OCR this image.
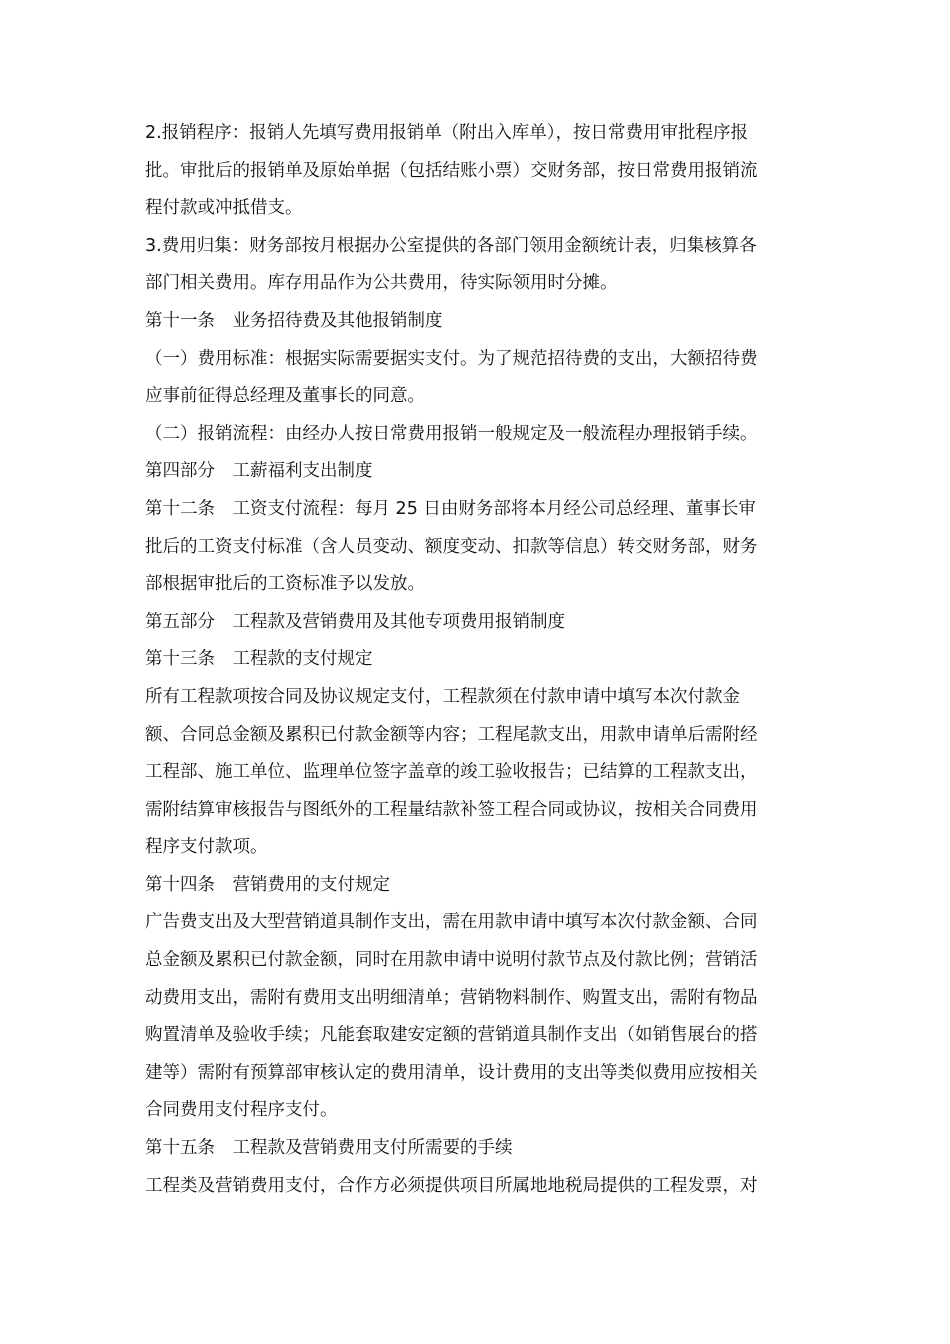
2.报销程序：报销人先填写费用报销单（附出入库单），按日常费用审批程序报
批。审批后的报销单及原始单据（包括结账小票）交财务部，按日常费用报销流
程付款或冲抵借支。
3.费用归集：财务部按月根据办公室提供的各部门领用金额统计表，归集核算各
部门相关费用。库存用品作为公共费用，待实际领用时分摊。
第十一条　业务招待费及其他报销制度
（一）费用标准：根据实际需要据实支付。为了规范招待费的支出，大额招待费
应事前征得总经理及董事长的同意。
（二）报销流程：由经办人按日常费用报销一般规定及一般流程办理报销手续。
第四部分　工薪福利支出制度
第十二条　工资支付流程：每月 25 日由财务部将本月经公司总经理、董事长审
批后的工资支付标准（含人员变动、额度变动、扣款等信息）转交财务部，财务
部根据审批后的工资标准予以发放。
第五部分　工程款及营销费用及其他专项费用报销制度
第十三条　工程款的支付规定
所有工程款项按合同及协议规定支付，工程款须在付款申请中填写本次付款金
额、合同总金额及累积已付款金额等内容；工程尾款支出，用款申请单后需附经
工程部、施工单位、监理单位签字盖章的竣工验收报告；已结算的工程款支出，
需附结算审核报告与图纸外的工程量结款补签工程合同或协议，按相关合同费用
程序支付款项。
第十四条　营销费用的支付规定
广告费支出及大型营销道具制作支出，需在用款申请中填写本次付款金额、合同
总金额及累积已付款金额，同时在用款申请中说明付款节点及付款比例；营销活
动费用支出，需附有费用支出明细清单；营销物料制作、购置支出，需附有物品
购置清单及验收手续；凡能套取建安定额的营销道具制作支出（如销售展台的搭
建等）需附有预算部审核认定的费用清单，设计费用的支出等类似费用应按相关
合同费用支付程序支付。
第十五条　工程款及营销费用支付所需要的手续
工程类及营销费用支付，合作方必须提供项目所属地地税局提供的工程发票，对
